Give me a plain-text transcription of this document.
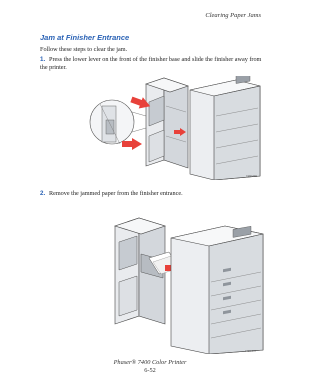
Clearing Paper Jams
Jam at Finisher Entrance
Follow these steps to clear the jam.
1. Press the lower lever on the front of the finisher base and slide the finisher away from the printer.
7400-066
2. Remove the jammed paper from the finisher entrance.
7400-067
Phaser® 7400 Color Printer
6-52
